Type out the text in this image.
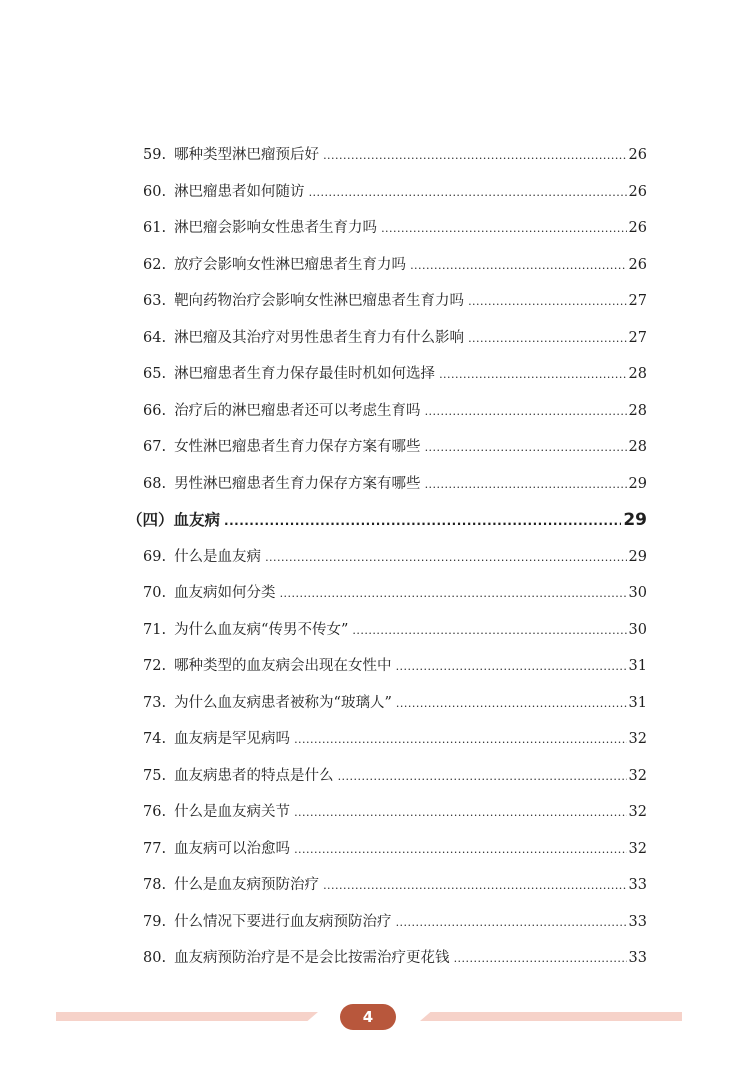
59. 哪种类型淋巴瘤预后好 .....	26
60. 淋巴瘤患者如何随访 .....	26
61. 淋巴瘤会影响女性患者生育力吗 .....	26
62. 放疗会影响女性淋巴瘤患者生育力吗 .....	26
63. 靶向药物治疗会影响女性淋巴瘤患者生育力吗 .....	27
64. 淋巴瘤及其治疗对男性患者生育力有什么影响 .....	27
65. 淋巴瘤患者生育力保存最佳时机如何选择 .....	28
66. 治疗后的淋巴瘤患者还可以考虑生育吗 .....	28
67. 女性淋巴瘤患者生育力保存方案有哪些 .....	28
68. 男性淋巴瘤患者生育力保存方案有哪些 .....	29
（四）血友病 .....	29
69. 什么是血友病 .....	29
70. 血友病如何分类 .....	30
71. 为什么血友病“传男不传女” .....	30
72. 哪种类型的血友病会出现在女性中 .....	31
73. 为什么血友病患者被称为“玻璃人” .....	31
74. 血友病是罕见病吗 .....	32
75. 血友病患者的特点是什么 .....	32
76. 什么是血友病关节 .....	32
77. 血友病可以治愈吗 .....	32
78. 什么是血友病预防治疗 .....	33
79. 什么情况下要进行血友病预防治疗 .....	33
80. 血友病预防治疗是不是会比按需治疗更花钱 .....	33
4
